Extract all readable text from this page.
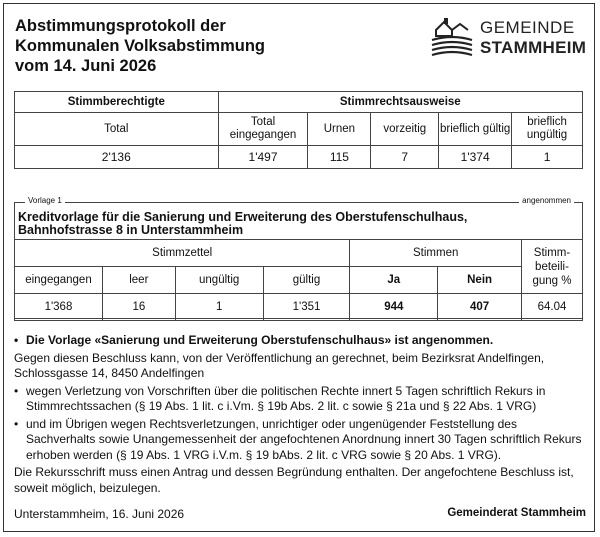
Abstimmungsprotokoll der
Kommunalen Volksabstimmung
vom 14. Juni 2026
GEMEINDE
STAMMHEIM
Stimmberechtigte	Stimmrechtsausweise				
Total	Total eingegangen	Urnen	vorzeitig	brieflich gültig	brieflich ungültig
2'136	1'497	115	7	1'374	1
Vorlage 1	angenommen
Kreditvorlage für die Sanierung und Erweiterung des Oberstufenschulhaus,
Bahnhofstrasse 8 in Unterstammheim
Stimmzettel				Stimmen		Stimm-beteili-gung %
eingegangen	leer	ungültig	gültig	Ja	Nein	
1'368	16	1	1'351	944	407	64.04

• Die Vorlage «Sanierung und Erweiterung Oberstufenschulhaus» ist angenommen.

Gegen diesen Beschluss kann, von der Veröffentlichung an gerechnet, beim Bezirksrat Andelfingen, Schlossgasse 14, 8450 Andelfingen

• wegen Verletzung von Vorschriften über die politischen Rechte innert 5 Tagen schriftlich Rekurs in Stimmrechtssachen (§ 19 Abs. 1 lit. c i.Vm. § 19b Abs. 2 lit. c sowie § 21a und § 22 Abs. 1 VRG)

• und im Übrigen wegen Rechtsverletzungen, unrichtiger oder ungenügender Feststellung des Sachverhalts sowie Unangemessenheit der angefochtenen Anordnung innert 30 Tagen schriftlich Rekurs erhoben werden (§ 19 Abs. 1 VRG i.V.m. § 19 bAbs. 2 lit. c VRG sowie § 20 Abs. 1 VRG).

Die Rekursschrift muss einen Antrag und dessen Begründung enthalten. Der angefochtene Beschluss ist, soweit möglich, beizulegen.

Unterstammheim, 16. Juni 2026	Gemeinderat Stammheim
